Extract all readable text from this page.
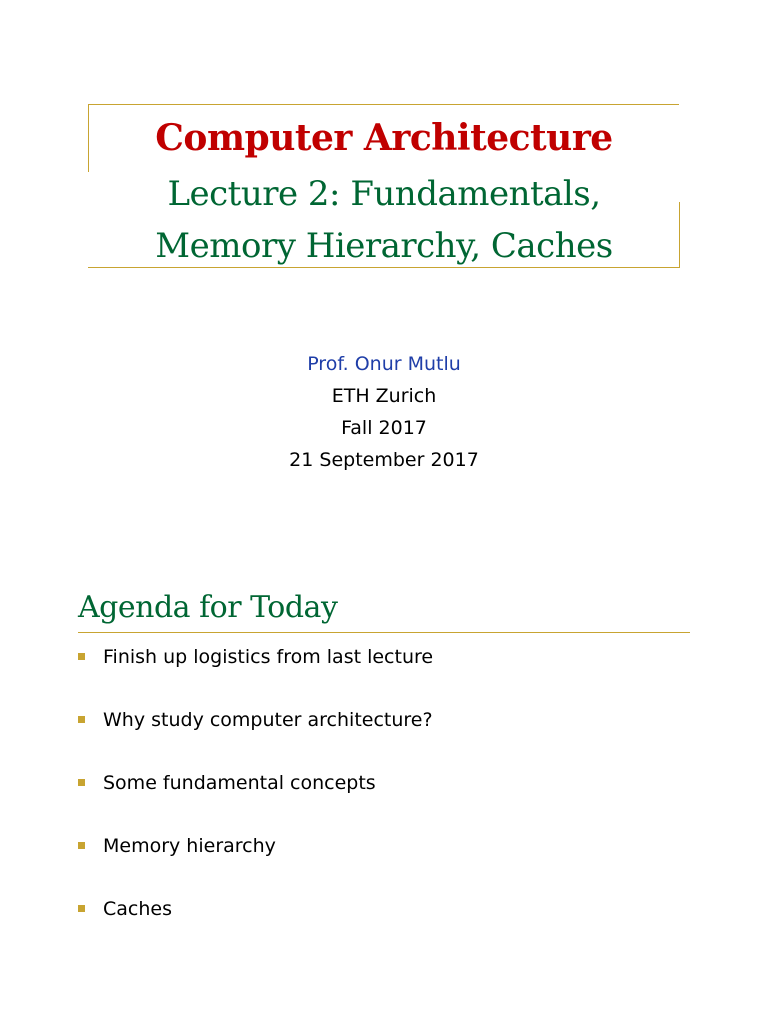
Computer Architecture
Lecture 2: Fundamentals,
Memory Hierarchy, Caches
Prof. Onur Mutlu
ETH Zurich
Fall 2017
21 September 2017
Agenda for Today
Finish up logistics from last lecture
Why study computer architecture?
Some fundamental concepts
Memory hierarchy
Caches
